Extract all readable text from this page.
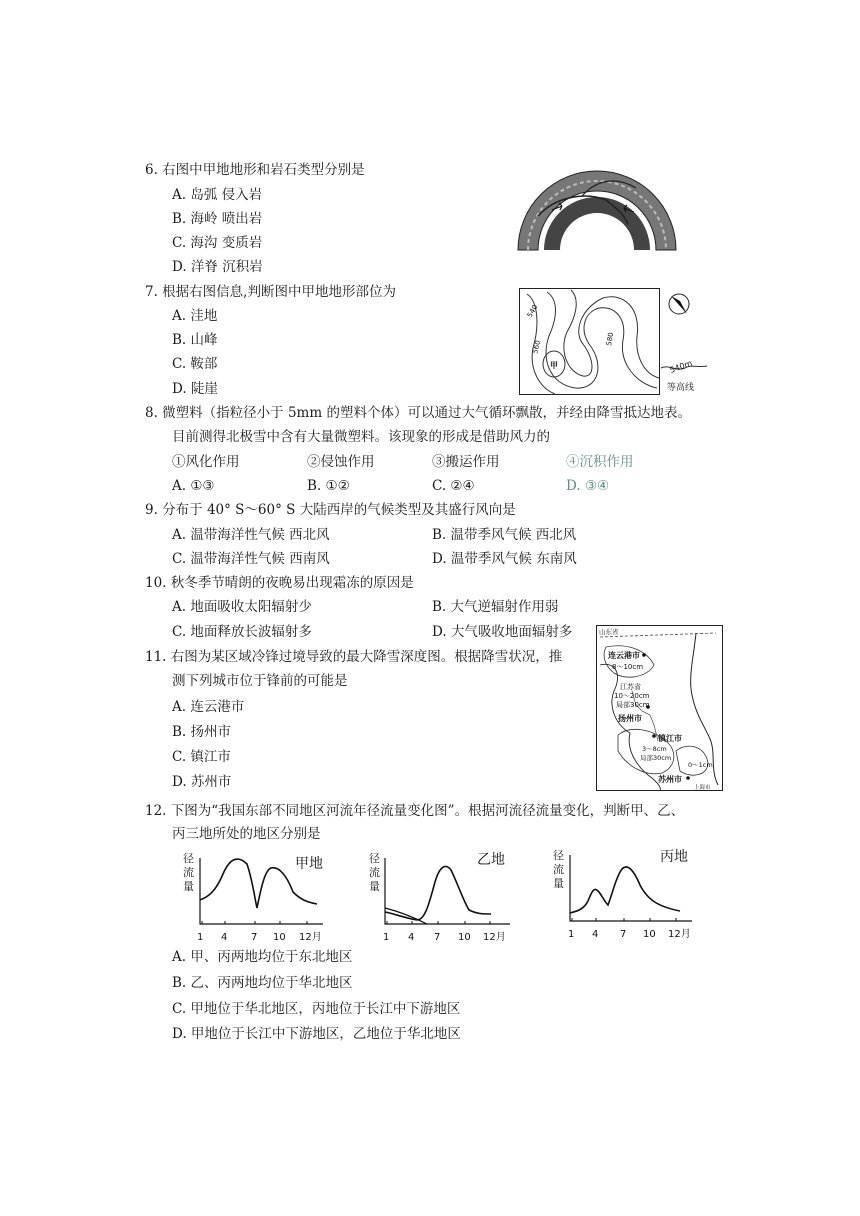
6. 右图中甲地地形和岩石类型分别是
A. 岛弧 侵入岩
B. 海岭 喷出岩
C. 海沟 变质岩
D. 洋脊 沉积岩
甲
岩浆
7. 根据右图信息,判断图中甲地地形部位为
A. 洼地
B. 山峰
C. 鞍部
D. 陡崖
540
560
580
甲	540m
等高线
8. 微塑料（指粒径小于 5mm 的塑料个体）可以通过大气循环飘散，并经由降雪抵达地表。
目前测得北极雪中含有大量微塑料。该现象的形成是借助风力的
①风化作用	②侵蚀作用	③搬运作用	④沉积作用
A. ①③	B. ①②	C. ②④	D. ③④
9. 分布于 40° S～60° S 大陆西岸的气候类型及其盛行风向是
A. 温带海洋性气候 西北风	B. 温带季风气候 西北风
C. 温带海洋性气候 西南风	D. 温带季风气候 东南风
10. 秋冬季节晴朗的夜晚易出现霜冻的原因是
A. 地面吸收太阳辐射少	B. 大气逆辐射作用弱
C. 地面释放长波辐射多	D. 大气吸收地面辐射多
11. 右图为某区域冷锋过境导致的最大降雪深度图。根据降雪状况，推
测下列城市位于锋前的可能是
A. 连云港市
B. 扬州市
C. 镇江市
D. 苏州市
山东省
连云港市
8～10cm
江苏省
10～20cm
局部30cm
扬州市
镇江市
3～8cm
局部30cm
0～1cm
苏州市
上海市
12. 下图为“我国东部不同地区河流年径流量变化图”。根据河流径流量变化，判断甲、乙、
丙三地所处的地区分别是
径
流
量
甲地
1 4 7 10 12月
径
流
量
乙地
1 4 7 10 12月
径
流
量
丙地
1 4 7 10 12月
A. 甲、丙两地均位于东北地区
B. 乙、丙两地均位于华北地区
C. 甲地位于华北地区，丙地位于长江中下游地区
D. 甲地位于长江中下游地区，乙地位于华北地区
